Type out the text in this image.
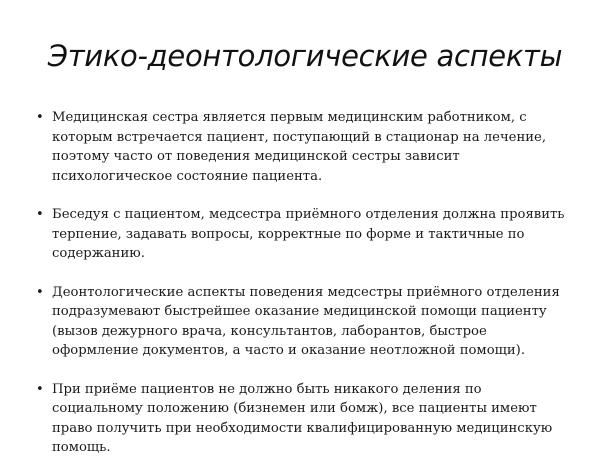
Этико-деонтологические аспекты
• Медицинская сестра является первым медицинским работником, с которым встречается пациент, поступающий в стационар на лечение, поэтому часто от поведения медицинской сестры зависит психологическое состояние пациента.
• Беседуя с пациентом, медсестра приёмного отделения должна проявить терпение, задавать вопросы, корректные по форме и тактичные по содержанию.
• Деонтологические аспекты поведения медсестры приёмного отделения подразумевают быстрейшее оказание медицинской помощи пациенту (вызов дежурного врача, консультантов, лаборантов, быстрое оформление документов, а часто и оказание неотложной помощи).
• При приёме пациентов не должно быть никакого деления по социальному положению (бизнемен или бомж), все пациенты имеют право получить при необходимости квалифицированную медицинскую помощь.
